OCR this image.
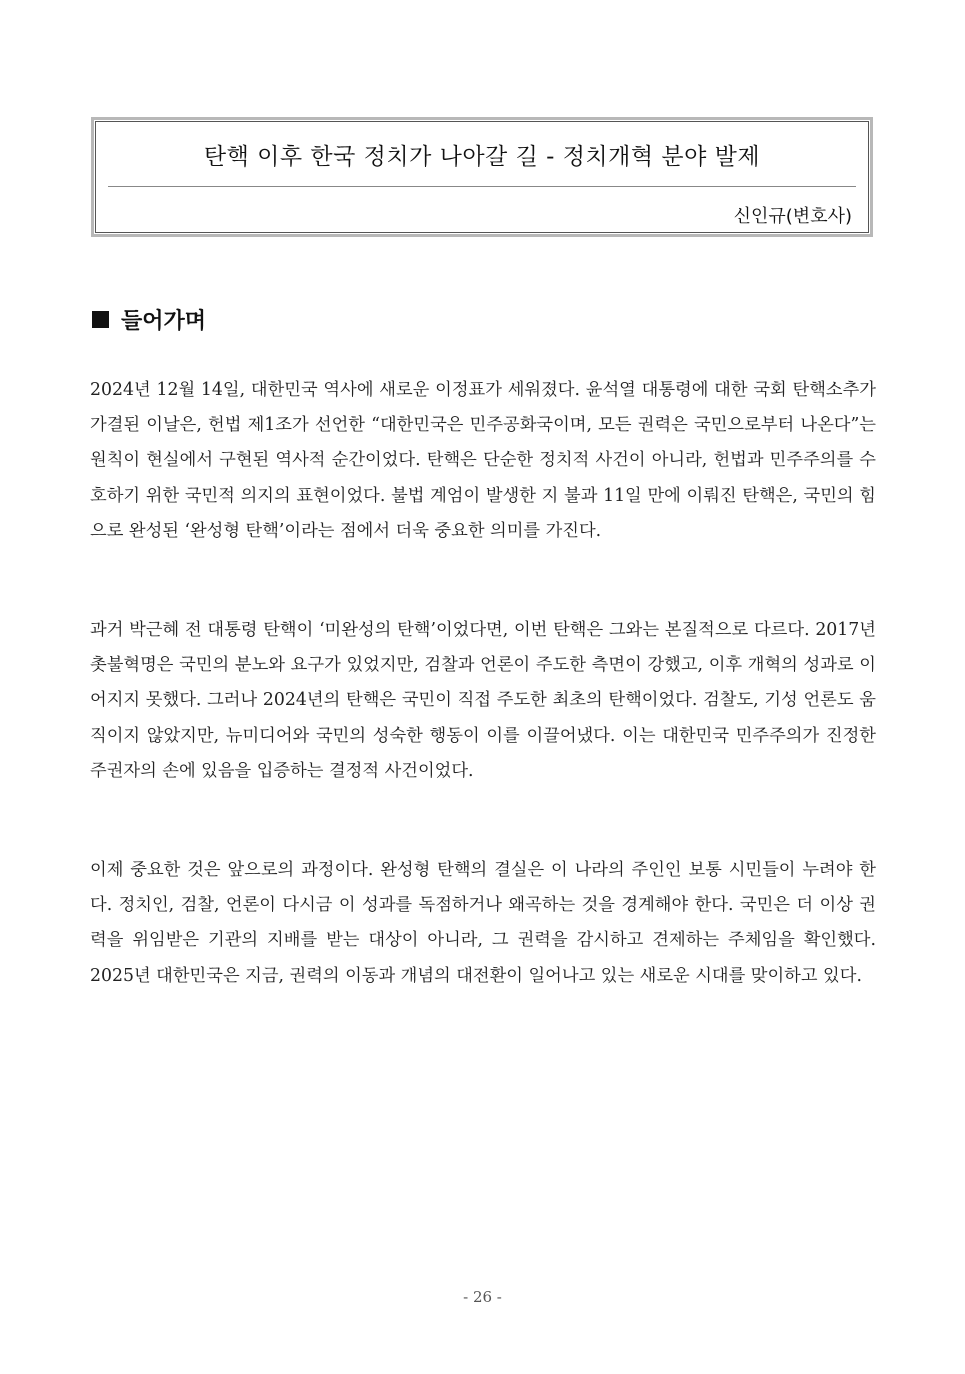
탄핵 이후 한국 정치가 나아갈 길 - 정치개혁 분야 발제
신인규(변호사)
들어가며

2024년 12월 14일, 대한민국 역사에 새로운 이정표가 세워졌다. 윤석열 대통령에 대한 국회 탄핵소추가 가결된 이날은, 헌법 제1조가 선언한 “대한민국은 민주공화국이며, 모든 권력은 국민으로부터 나온다”는 원칙이 현실에서 구현된 역사적 순간이었다. 탄핵은 단순한 정치적 사건이 아니라, 헌법과 민주주의를 수호하기 위한 국민적 의지의 표현이었다. 불법 계엄이 발생한 지 불과 11일 만에 이뤄진 탄핵은, 국민의 힘으로 완성된 ‘완성형 탄핵’이라는 점에서 더욱 중요한 의미를 가진다.

과거 박근혜 전 대통령 탄핵이 ‘미완성의 탄핵’이었다면, 이번 탄핵은 그와는 본질적으로 다르다. 2017년 촛불혁명은 국민의 분노와 요구가 있었지만, 검찰과 언론이 주도한 측면이 강했고, 이후 개혁의 성과로 이어지지 못했다. 그러나 2024년의 탄핵은 국민이 직접 주도한 최초의 탄핵이었다. 검찰도, 기성 언론도 움직이지 않았지만, 뉴미디어와 국민의 성숙한 행동이 이를 이끌어냈다. 이는 대한민국 민주주의가 진정한 주권자의 손에 있음을 입증하는 결정적 사건이었다.

이제 중요한 것은 앞으로의 과정이다. 완성형 탄핵의 결실은 이 나라의 주인인 보통 시민들이 누려야 한다. 정치인, 검찰, 언론이 다시금 이 성과를 독점하거나 왜곡하는 것을 경계해야 한다. 국민은 더 이상 권력을 위임받은 기관의 지배를 받는 대상이 아니라, 그 권력을 감시하고 견제하는 주체임을 확인했다. 2025년 대한민국은 지금, 권력의 이동과 개념의 대전환이 일어나고 있는 새로운 시대를 맞이하고 있다.

- 26 -
